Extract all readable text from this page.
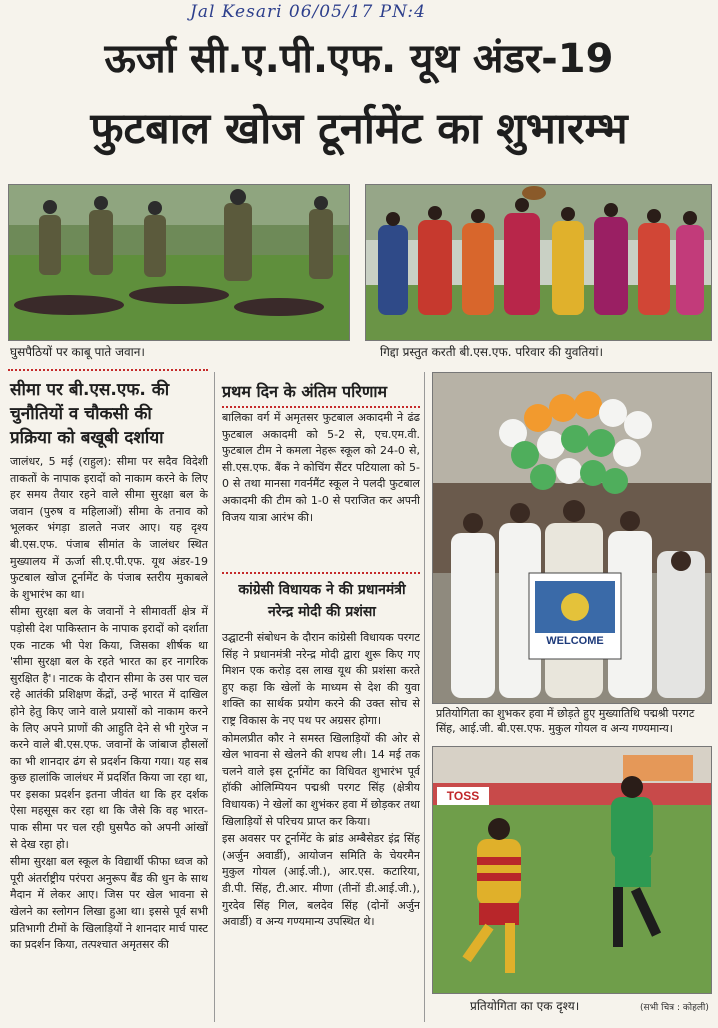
Jal Kesari 06/05/17 PN:4
ऊर्जा सी.ए.पी.एफ. यूथ अंडर-19
फुटबाल खोज टूर्नामेंट का शुभारम्भ
घुसपैठियों पर काबू पाते जवान।	गिद्दा प्रस्तुत करती बी.एस.एफ. परिवार की युवतियां।
सीमा पर बी.एस.एफ. की
चुनौतियों व चौकसी की
प्रक्रिया को बखूबी दर्शाया

जालंधर, 5 मई (राहुल): सीमा पर सदैव विदेशी ताकतों के नापाक इरादों को नाकाम करने के लिए हर समय तैयार रहने वाले सीमा सुरक्षा बल के जवान (पुरुष व महिलाओं) सीमा के तनाव को भूलकर भंगड़ा डालते नजर आए। यह दृश्य बी.एस.एफ. पंजाब सीमांत के जालंधर स्थित मुख्यालय में ऊर्जा सी.ए.पी.एफ. यूथ अंडर-19 फुटबाल खोज टूर्नामेंट के पंजाब स्तरीय मुकाबले के शुभारंभ का था।

सीमा सुरक्षा बल के जवानों ने सीमावर्ती क्षेत्र में पड़ोसी देश पाकिस्तान के नापाक इरादों को दर्शाता एक नाटक भी पेश किया, जिसका शीर्षक था 'सीमा सुरक्षा बल के रहते भारत का हर नागरिक सुरक्षित है'। नाटक के दौरान सीमा के उस पार चल रहे आतंकी प्रशिक्षण केंद्रों, उन्हें भारत में दाखिल होने हेतु किए जाने वाले प्रयासों को नाकाम करने के लिए अपने प्राणों की आहुति देने से भी गुरेज न करने वाले बी.एस.एफ. जवानों के जांबाज हौसलों का भी शानदार ढंग से प्रदर्शन किया गया। यह सब कुछ हालांकि जालंधर में प्रदर्शित किया जा रहा था, पर इसका प्रदर्शन इतना जीवंत था कि हर दर्शक ऐसा महसूस कर रहा था कि जैसे कि वह भारत-पाक सीमा पर चल रही घुसपैठ को अपनी आंखों से देख रहा हो।

सीमा सुरक्षा बल स्कूल के विद्यार्थी फीफा ध्वज को पूरी अंतर्राष्ट्रीय परंपरा अनुरूप बैंड की धुन के साथ मैदान में लेकर आए। जिस पर खेल भावना से खेलने का स्लोगन लिखा हुआ था। इससे पूर्व सभी प्रतिभागी टीमों के खिलाड़ियों ने शानदार मार्च पास्ट का प्रदर्शन किया, तत्पश्चात अमृतसर की

प्रथम दिन के अंतिम परिणाम

बालिका वर्ग में अमृतसर फुटबाल अकादमी ने ढंढ फुटबाल अकादमी को 5-2 से, एच.एम.वी. फुटबाल टीम ने कमला नेहरू स्कूल को 24-0 से, सी.एस.एफ. बैंक ने कोचिंग सैंटर पटियाला को 5-0 से तथा मानसा गवर्नमैंट स्कूल ने पलदी फुटबाल अकादमी की टीम को 1-0 से पराजित कर अपनी विजय यात्रा आरंभ की।

कांग्रेसी विधायक ने की प्रधानमंत्री
नरेन्द्र मोदी की प्रशंसा

उद्घाटनी संबोधन के दौरान कांग्रेसी विधायक परगट सिंह ने प्रधानमंत्री नरेन्द्र मोदी द्वारा शुरू किए गए मिशन एक करोड़ दस लाख यूथ की प्रशंसा करते हुए कहा कि खेलों के माध्यम से देश की युवा शक्ति का सार्थक प्रयोग करने की उक्त सोच से राष्ट्र विकास के नए पथ पर अग्रसर होगा।

कोमलप्रीत कौर ने समस्त खिलाड़ियों की ओर से खेल भावना से खेलने की शपथ ली। 14 मई तक चलने वाले इस टूर्नामेंट का विधिवत शुभारंभ पूर्व हॉकी ओलिम्पियन पद्मश्री परगट सिंह (क्षेत्रीय विधायक) ने खेलों का शुभंकर हवा में छोड़कर तथा खिलाड़ियों से परिचय प्राप्त कर किया।

इस अवसर पर टूर्नामेंट के ब्रांड अम्बैसेडर इंद्र सिंह (अर्जुन अवार्डी), आयोजन समिति के चेयरमैन मुकुल गोयल (आई.जी.), आर.एस. कटारिया, डी.पी. सिंह, टी.आर. मीणा (तीनों डी.आई.जी.), गुरदेव सिंह गिल, बलदेव सिंह (दोनों अर्जुन अवार्डी) व अन्य गण्यमान्य उपस्थित थे।

WELCOME
प्रतियोगिता का शुभकर हवा में छोड़ते हुए मुख्यातिथि पद्मश्री परगट सिंह, आई.जी. बी.एस.एफ. मुकुल गोयल व अन्य गण्यमान्य।
TOSS
प्रतियोगिता का एक दृश्य।	(सभी चित्र : कोहली)
